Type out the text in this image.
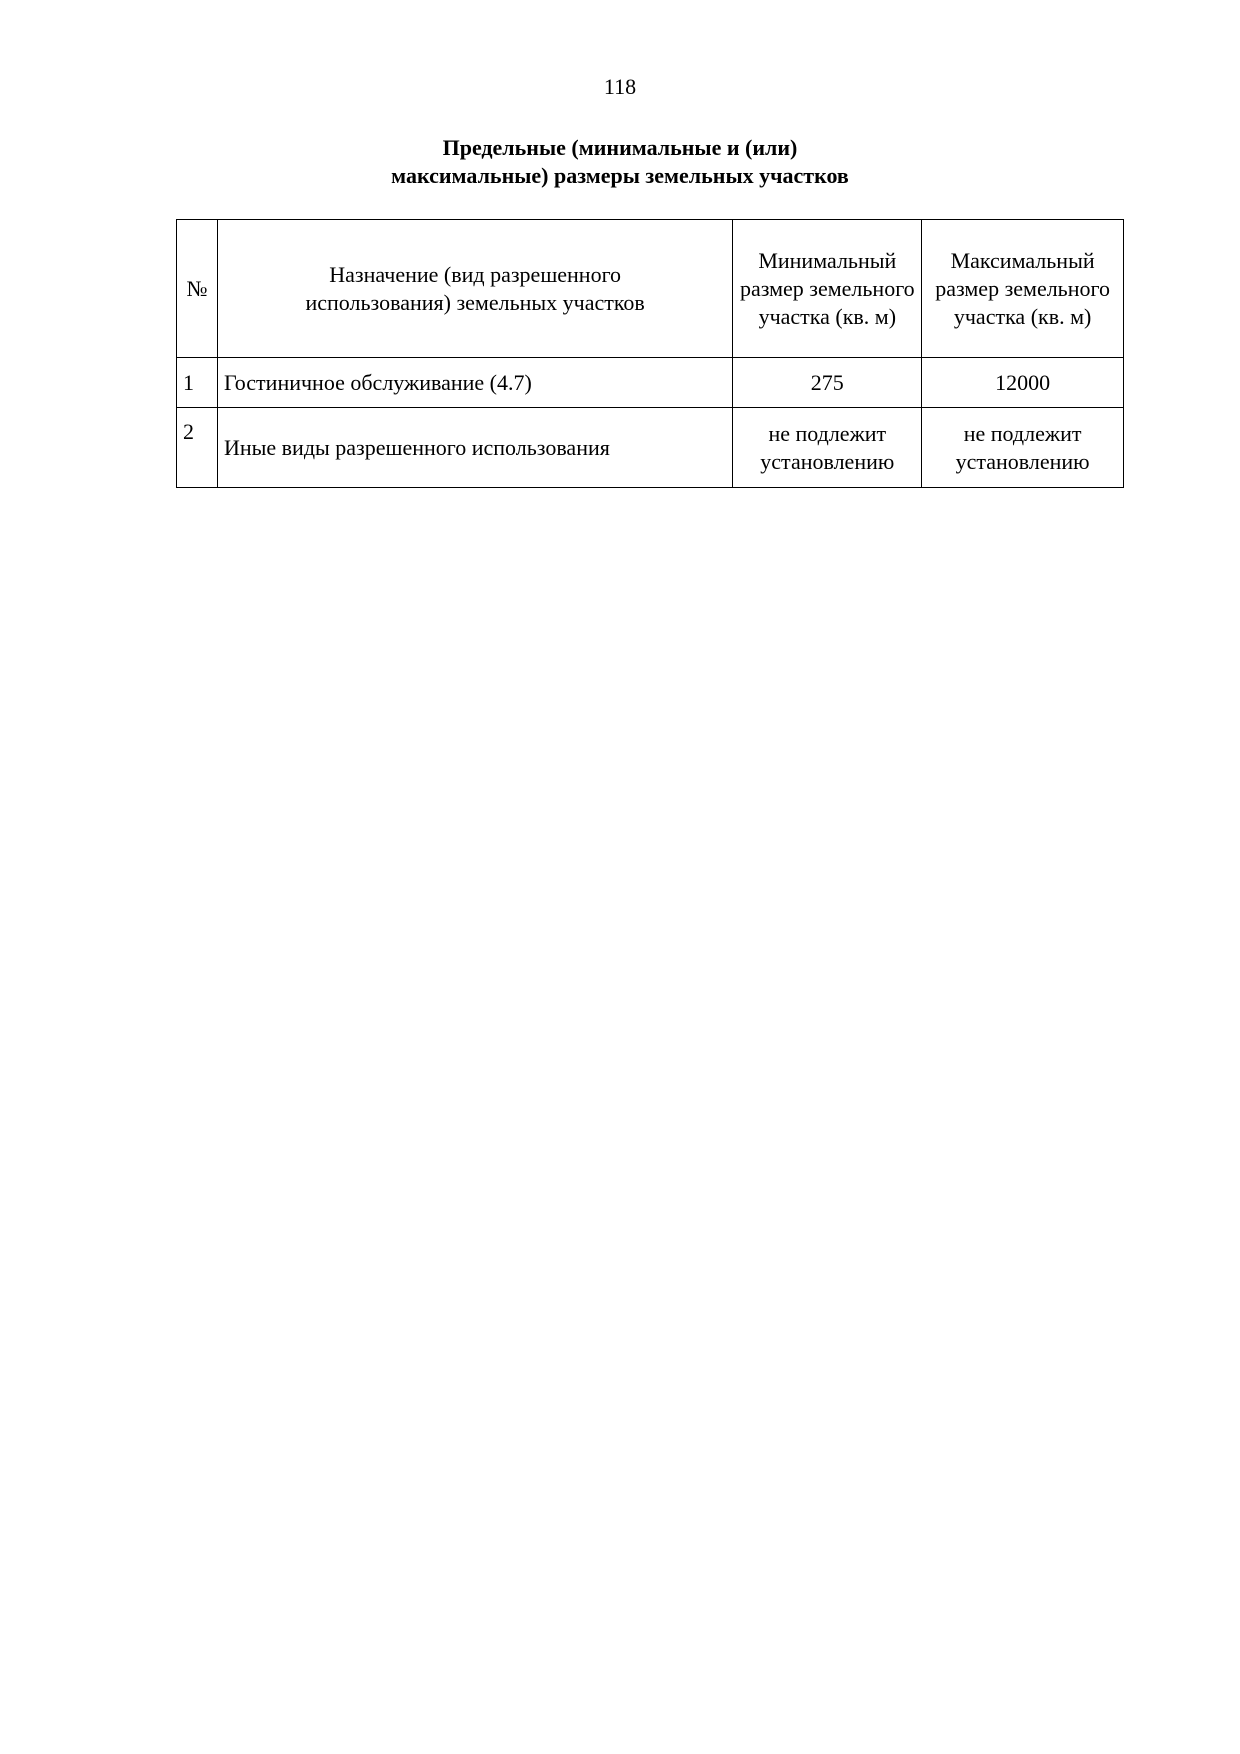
118
Предельные (минимальные и (или)
максимальные) размеры земельных участков
№	Назначение (вид разрешенного использования) земельных участков	Минимальный размер земельного участка (кв. м)	Максимальный размер земельного участка (кв. м)
1	Гостиничное обслуживание (4.7)	275	12000
2	Иные виды разрешенного использования	не подлежит установлению	не подлежит установлению
